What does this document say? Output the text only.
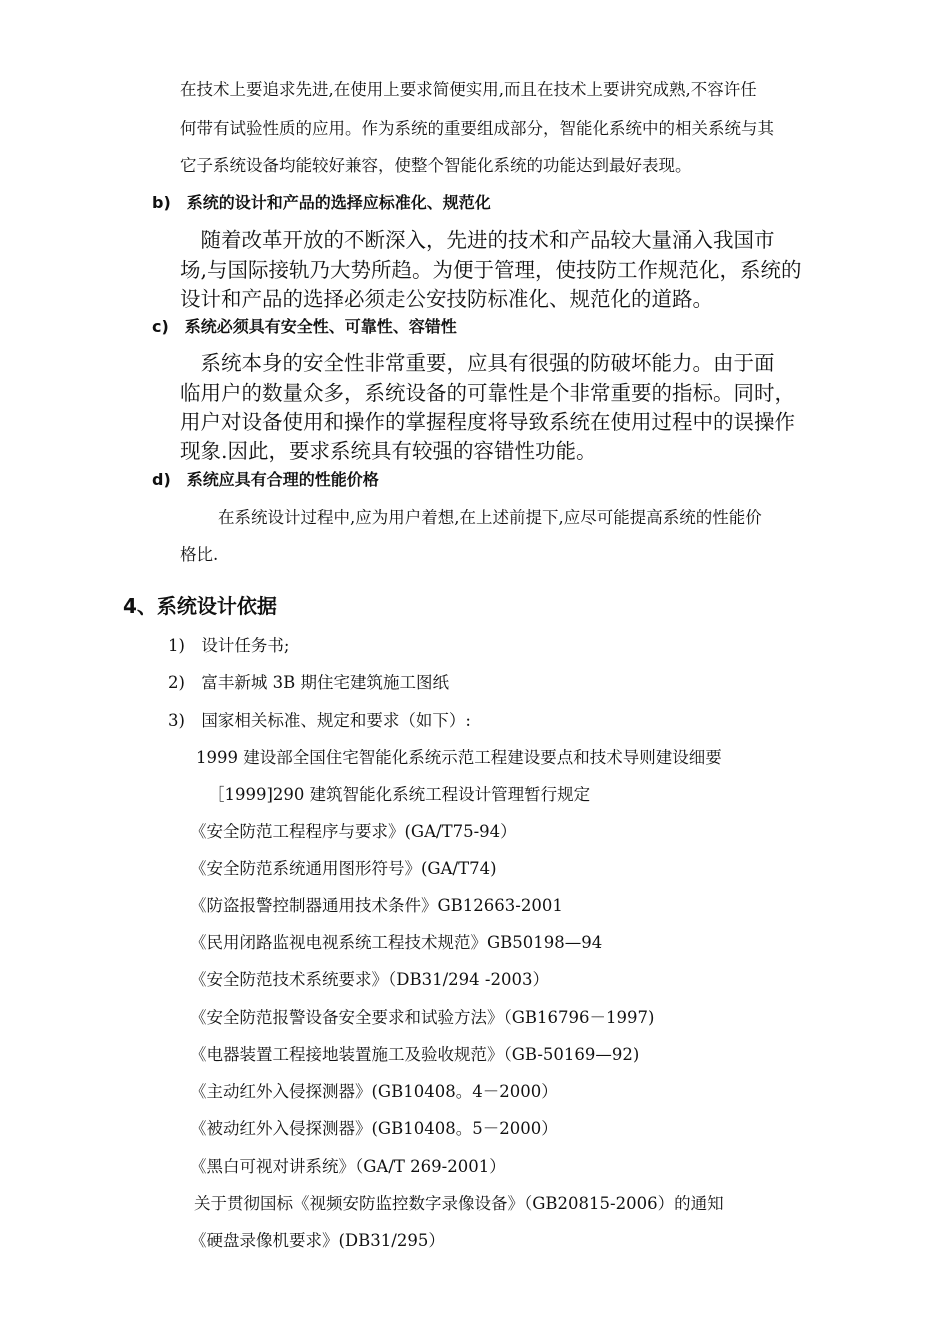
在技术上要追求先进,在使用上要求简便实用,而且在技术上要讲究成熟,不容许任
何带有试验性质的应用。作为系统的重要组成部分，智能化系统中的相关系统与其
它子系统设备均能较好兼容，使整个智能化系统的功能达到最好表现。
b)　系统的设计和产品的选择应标准化、规范化
　随着改革开放的不断深入，先进的技术和产品较大量涌入我国市
场,与国际接轨乃大势所趋。为便于管理，使技防工作规范化，系统的
设计和产品的选择必须走公安技防标准化、规范化的道路。
c)　系统必须具有安全性、可靠性、容错性
　系统本身的安全性非常重要，应具有很强的防破坏能力。由于面
临用户的数量众多，系统设备的可靠性是个非常重要的指标。同时，
用户对设备使用和操作的掌握程度将导致系统在使用过程中的误操作
现象.因此，要求系统具有较强的容错性功能。
d)　系统应具有合理的性能价格
在系统设计过程中,应为用户着想,在上述前提下,应尽可能提高系统的性能价
格比.
4、系统设计依据
1)　设计任务书;
2)　富丰新城 3B 期住宅建筑施工图纸
3)　国家相关标准、规定和要求（如下）:
1999 建设部全国住宅智能化系统示范工程建设要点和技术导则建设细要
［1999]290 建筑智能化系统工程设计管理暂行规定
《安全防范工程程序与要求》(GA/T75-94）
《安全防范系统通用图形符号》(GA/T74)
《防盗报警控制器通用技术条件》GB12663-2001
《民用闭路监视电视系统工程技术规范》GB50198—94
《安全防范技术系统要求》（DB31/294 -2003）
《安全防范报警设备安全要求和试验方法》（GB16796－1997)
《电器装置工程接地装置施工及验收规范》（GB-50169—92)
《主动红外入侵探测器》(GB10408。4－2000）
《被动红外入侵探测器》(GB10408。5－2000）
《黑白可视对讲系统》（GA/T 269-2001）
关于贯彻国标《视频安防监控数字录像设备》（GB20815-2006）的通知
《硬盘录像机要求》(DB31/295）
